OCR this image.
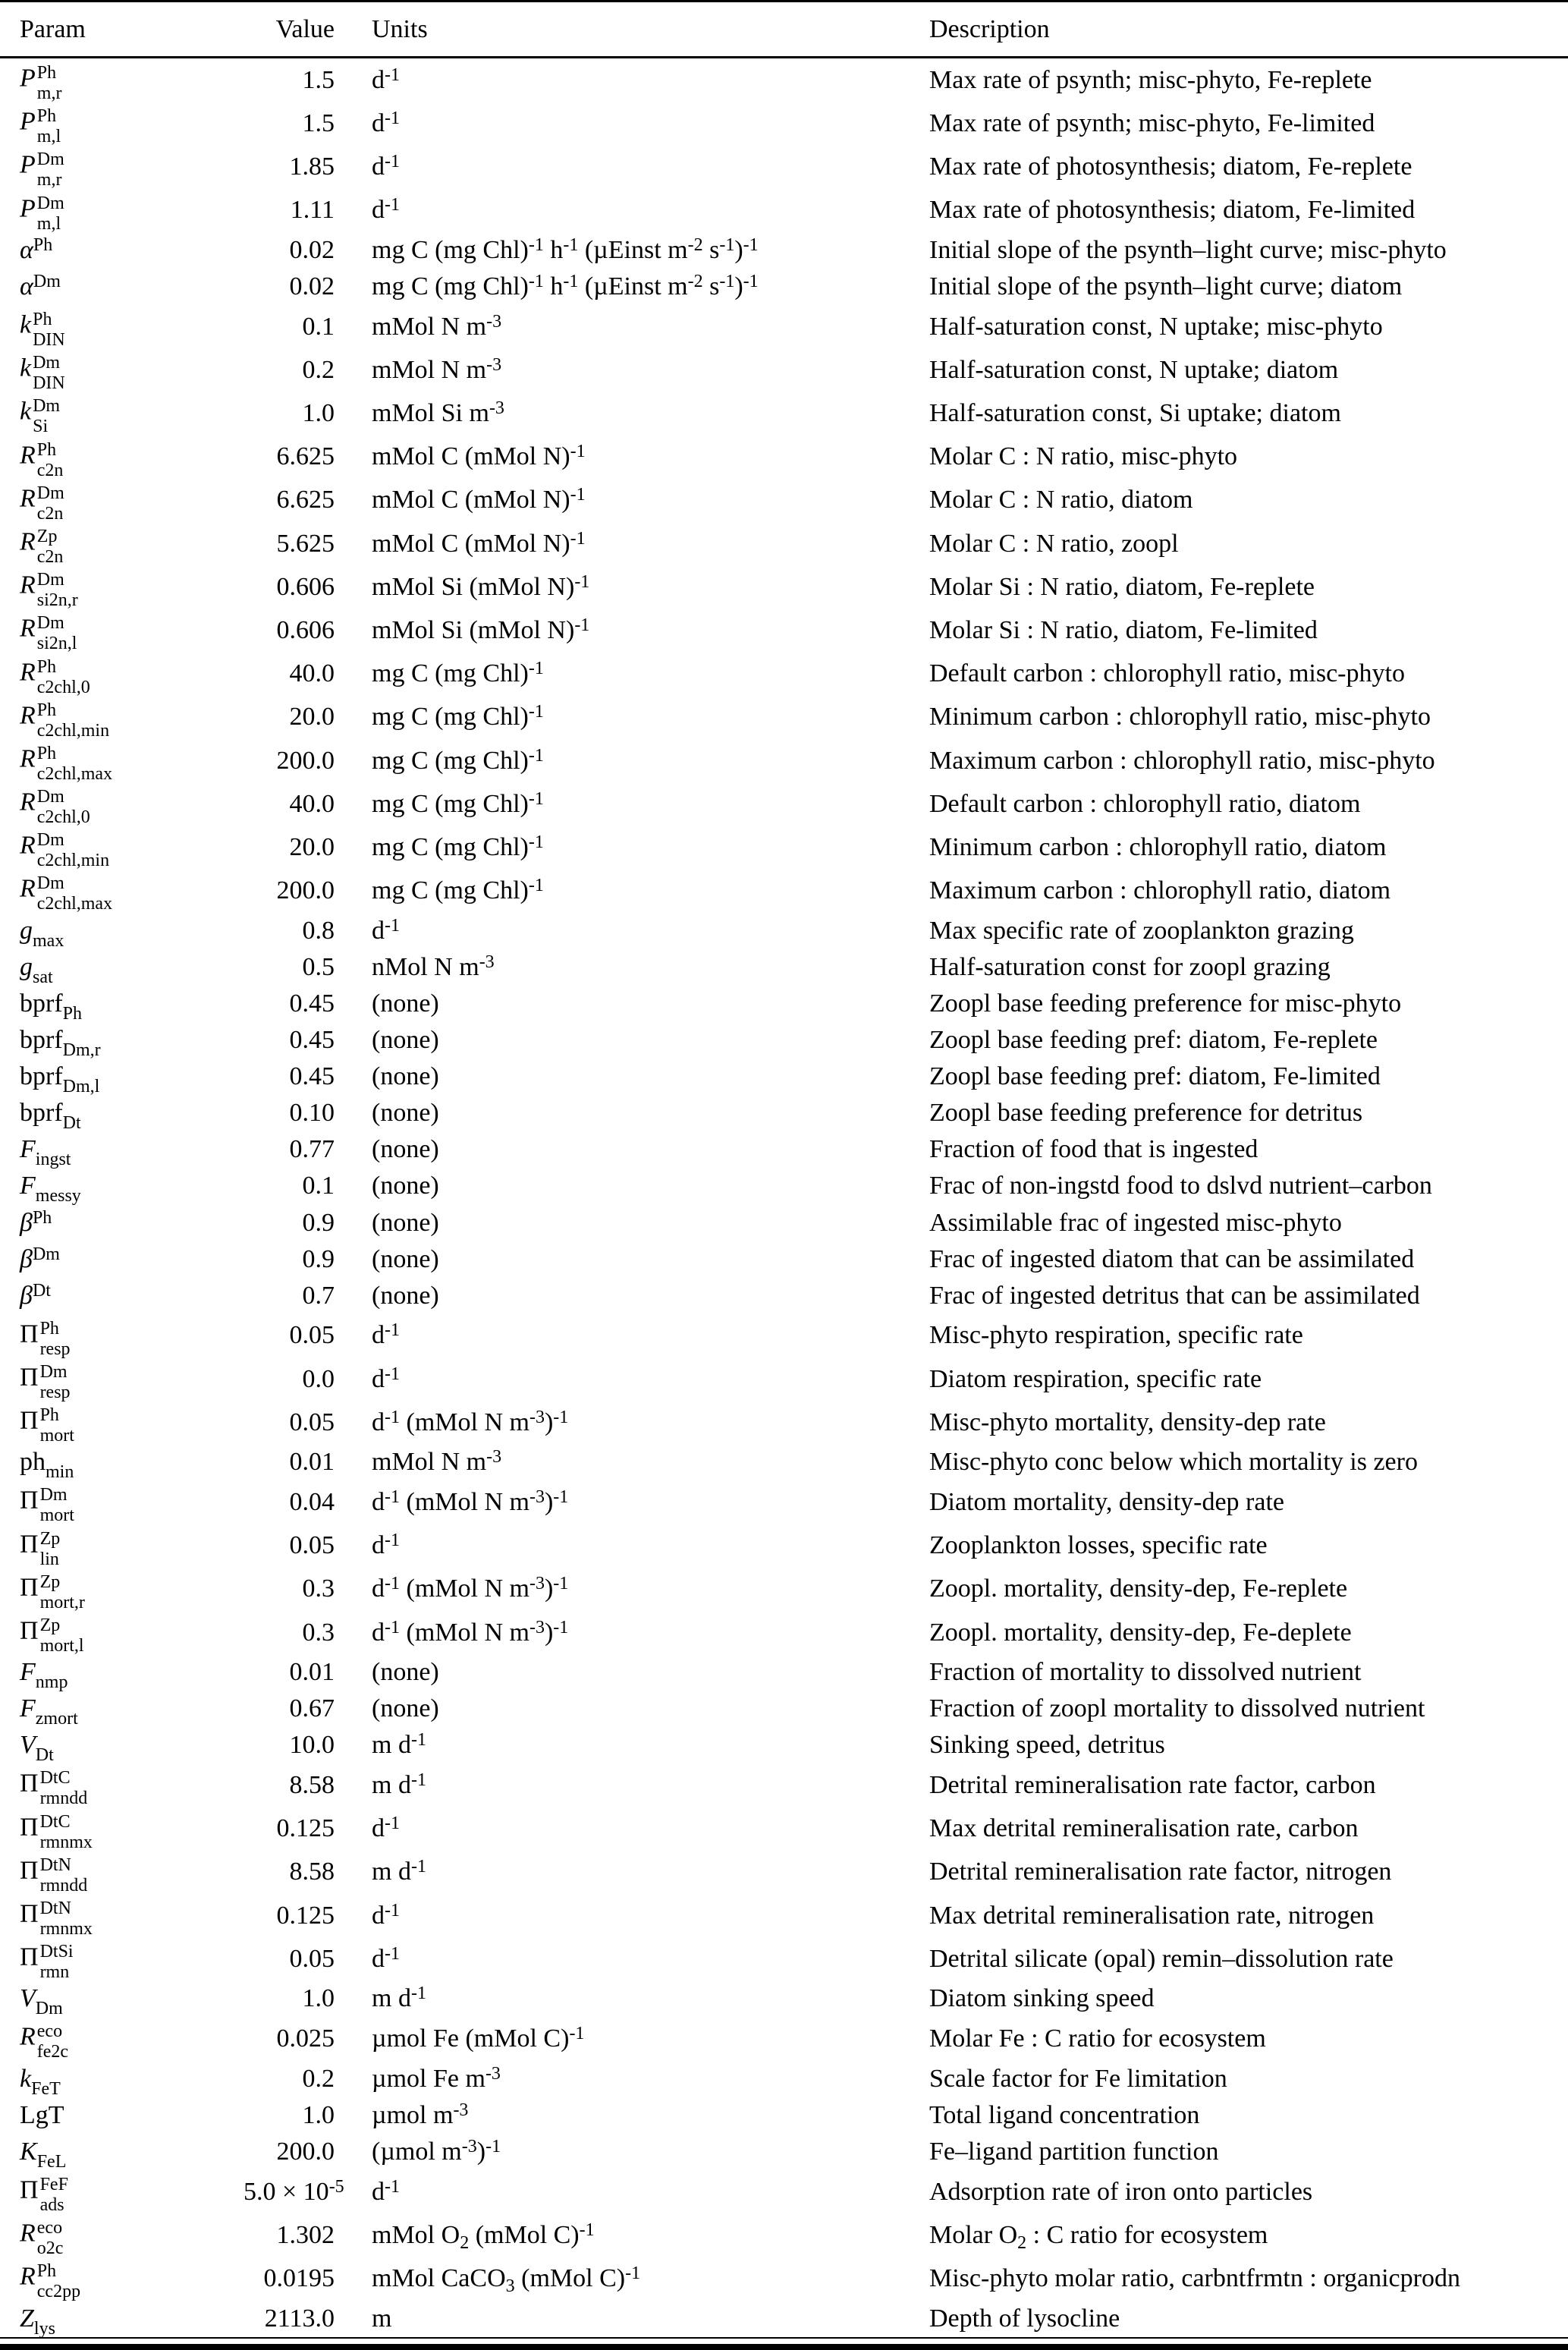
Param	Value Units	Description
P Ph
m,r	1.5 $d^{-1}$	Max rate of psynth; misc-phyto, Fe-replete
P Ph
m,l	1.5 $d^{-1}$	Max rate of psynth; misc-phyto, Fe-limited
P Dm
m,r	1.85 $d^{-1}$	Max rate of photosynthesis; diatom, Fe-replete
P Dm
m,l	1.11 $d^{-1}$	Max rate of photosynthesis; diatom, Fe-limited
$\alpha^{Ph}$	0.02 mg C (mg Chl)$^{-1}$ $h^{-1}$ (µEinst $m^{-2}$ $s^{-1})^{-1}$	Initial slope of the psynth–light curve; misc-phyto
$\alpha^{Dm}$	0.02 mg C (mg Chl)$^{-1}$ $h^{-1}$ (µEinst $m^{-2}$ $s^{-1})^{-1}$	Initial slope of the psynth–light curve; diatom
k Ph
DIN	0.1 mMol N $m^{-3}$	Half-saturation const, N uptake; misc-phyto
k Dm
DIN	0.2 mMol N $m^{-3}$	Half-saturation const, N uptake; diatom
k Dm
Si	1.0 mMol Si $m^{-3}$	Half-saturation const, Si uptake; diatom
R Ph
c2n	6.625 mMol C (mMol N)$^{-1}$	Molar C : N ratio, misc-phyto
R Dm
c2n	6.625 mMol C (mMol N)$^{-1}$	Molar C : N ratio, diatom
R Zp
c2n	5.625 mMol C (mMol N)$^{-1}$	Molar C : N ratio, zoopl
R Dm
si2n,r	0.606 mMol Si (mMol N)$^{-1}$	Molar Si : N ratio, diatom, Fe-replete
R Dm
si2n,l	0.606 mMol Si (mMol N)$^{-1}$	Molar Si : N ratio, diatom, Fe-limited
R Ph
c2chl,0	40.0 mg C (mg Chl)$^{-1}$	Default carbon : chlorophyll ratio, misc-phyto
R Ph
c2chl,min	20.0 mg C (mg Chl)$^{-1}$	Minimum carbon : chlorophyll ratio, misc-phyto
R Ph
c2chl,max	200.0 mg C (mg Chl)$^{-1}$	Maximum carbon : chlorophyll ratio, misc-phyto
R Dm
c2chl,0	40.0 mg C (mg Chl)$^{-1}$	Default carbon : chlorophyll ratio, diatom
R Dm
c2chl,min	20.0 mg C (mg Chl)$^{-1}$	Minimum carbon : chlorophyll ratio, diatom
R Dm
c2chl,max	200.0 mg C (mg Chl)$^{-1}$	Maximum carbon : chlorophyll ratio, diatom
$g_{max}$	0.8 $d^{-1}$	Max specific rate of zooplankton grazing
$g_{sat}$	0.5 nMol N $m^{-3}$	Half-saturation const for zoopl grazing
bprf$_{Ph}$	0.45 (none)	Zoopl base feeding preference for misc-phyto
bprf$_{Dm,r}$	0.45 (none)	Zoopl base feeding pref: diatom, Fe-replete
bprf$_{Dm,l}$	0.45 (none)	Zoopl base feeding pref: diatom, Fe-limited
bprf$_{Dt}$	0.10 (none)	Zoopl base feeding preference for detritus
$F_{ingst}$	0.77 (none)	Fraction of food that is ingested
$F_{messy}$	0.1 (none)	Frac of non-ingstd food to dslvd nutrient–carbon
$\beta^{Ph}$	0.9 (none)	Assimilable frac of ingested misc-phyto
$\beta^{Dm}$	0.9 (none)	Frac of ingested diatom that can be assimilated
$\beta^{Dt}$	0.7 (none)	Frac of ingested detritus that can be assimilated
Π Ph
resp	0.05 $d^{-1}$	Misc-phyto respiration, specific rate
Π Dm
resp	0.0 $d^{-1}$	Diatom respiration, specific rate
Π Ph
mort	0.05 $d^{-1}$ (mMol N $m^{-3})^{-1}$	Misc-phyto mortality, density-dep rate
$ph_{min}$	0.01 mMol N $m^{-3}$	Misc-phyto conc below which mortality is zero
Π Dm
mort	0.04 $d^{-1}$ (mMol N $m^{-3})^{-1}$	Diatom mortality, density-dep rate
Π Zp
lin	0.05 $d^{-1}$	Zooplankton losses, specific rate
Π Zp
mort,r	0.3 $d^{-1}$ (mMol N $m^{-3})^{-1}$	Zoopl. mortality, density-dep, Fe-replete
Π Zp
mort,l	0.3 $d^{-1}$ (mMol N $m^{-3})^{-1}$	Zoopl. mortality, density-dep, Fe-deplete
$F_{nmp}$	0.01 (none)	Fraction of mortality to dissolved nutrient
$F_{zmort}$	0.67 (none)	Fraction of zoopl mortality to dissolved nutrient
$V_{Dt}$	10.0 m $d^{-1}$	Sinking speed, detritus
Π DtC
rmndd	8.58 m $d^{-1}$	Detrital remineralisation rate factor, carbon
Π DtC
rmnmx	0.125 $d^{-1}$	Max detrital remineralisation rate, carbon
Π DtN
rmndd	8.58 m $d^{-1}$	Detrital remineralisation rate factor, nitrogen
Π DtN
rmnmx	0.125 $d^{-1}$	Max detrital remineralisation rate, nitrogen
Π DtSi
rmn	0.05 $d^{-1}$	Detrital silicate (opal) remin–dissolution rate
$V_{Dm}$	1.0 m $d^{-1}$	Diatom sinking speed
R eco
fe2c	0.025 µmol Fe (mMol C)$^{-1}$	Molar Fe : C ratio for ecosystem
$k_{FeT}$	0.2 µmol Fe $m^{-3}$	Scale factor for Fe limitation
LgT	1.0 µmol $m^{-3}$	Total ligand concentration
$K_{FeL}$	200.0 (µmol $m^{-3})^{-1}$	Fe–ligand partition function
Π FeF
ads	$5.0 \times 10^{-5}$ $d^{-1}$	Adsorption rate of iron onto particles
R eco
o2c	1.302 mMol $O_2$ (mMol C)$^{-1}$	Molar $O_2$ : C ratio for ecosystem
R Ph
cc2pp	0.0195 mMol CaCO$_3$ (mMol C)$^{-1}$	Misc-phyto molar ratio, carbntfrmtn : organicprodn
$Z_{lys}$	2113.0 m	Depth of lysocline
